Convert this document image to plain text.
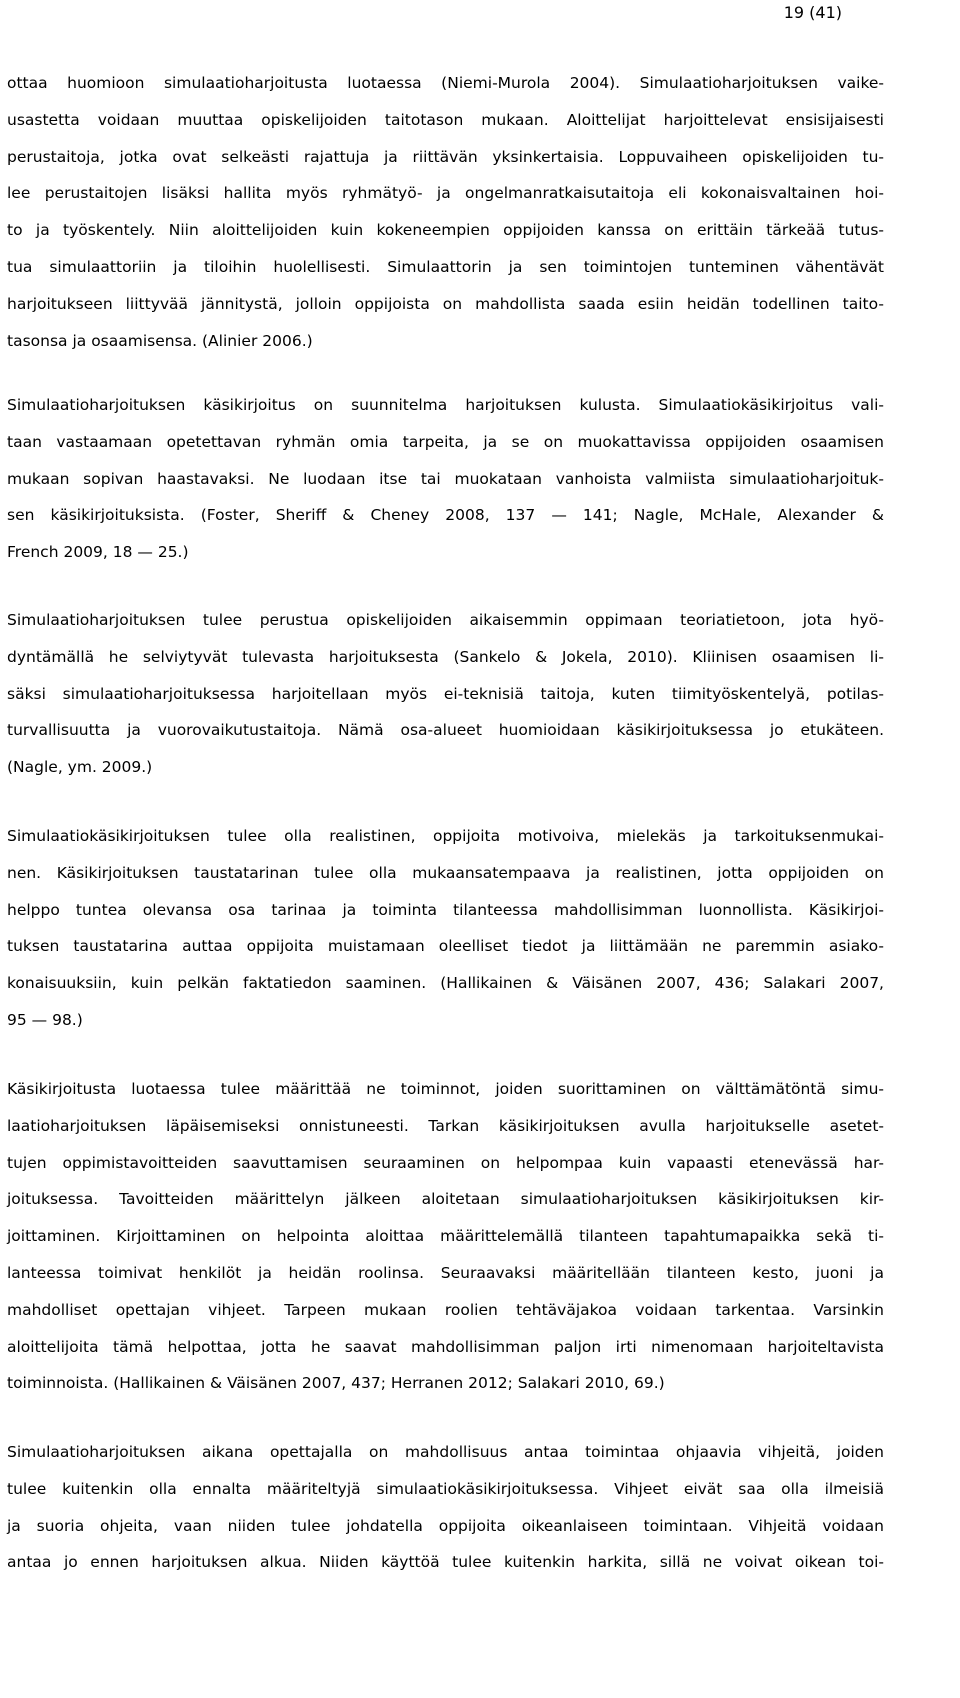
19 (41)
ottaa huomioon simulaatioharjoitusta luotaessa (Niemi-Murola 2004). Simulaatioharjoituksen vaike-
usastetta voidaan muuttaa opiskelijoiden taitotason mukaan. Aloittelijat harjoittelevat ensisijaisesti
perustaitoja, jotka ovat selkeästi rajattuja ja riittävän yksinkertaisia. Loppuvaiheen opiskelijoiden tu-
lee perustaitojen lisäksi hallita myös ryhmätyö- ja ongelmanratkaisutaitoja eli kokonaisvaltainen hoi-
to ja työskentely. Niin aloittelijoiden kuin kokeneempien oppijoiden kanssa on erittäin tärkeää tutus-
tua simulaattoriin ja tiloihin huolellisesti. Simulaattorin ja sen toimintojen tunteminen vähentävät
harjoitukseen liittyvää jännitystä, jolloin oppijoista on mahdollista saada esiin heidän todellinen taito-
tasonsa ja osaamisensa. (Alinier 2006.)
Simulaatioharjoituksen käsikirjoitus on suunnitelma harjoituksen kulusta. Simulaatiokäsikirjoitus vali-
taan vastaamaan opetettavan ryhmän omia tarpeita, ja se on muokattavissa oppijoiden osaamisen
mukaan sopivan haastavaksi. Ne luodaan itse tai muokataan vanhoista valmiista simulaatioharjoituk-
sen käsikirjoituksista. (Foster, Sheriff & Cheney 2008, 137 — 141; Nagle, McHale, Alexander &
French 2009, 18 — 25.)
Simulaatioharjoituksen tulee perustua opiskelijoiden aikaisemmin oppimaan teoriatietoon, jota hyö-
dyntämällä he selviytyvät tulevasta harjoituksesta (Sankelo & Jokela, 2010). Kliinisen osaamisen li-
säksi simulaatioharjoituksessa harjoitellaan myös ei-teknisiä taitoja, kuten tiimityöskentelyä, potilas-
turvallisuutta ja vuorovaikutustaitoja. Nämä osa-alueet huomioidaan käsikirjoituksessa jo etukäteen.
(Nagle, ym. 2009.)
Simulaatiokäsikirjoituksen tulee olla realistinen, oppijoita motivoiva, mielekäs ja tarkoituksenmukai-
nen. Käsikirjoituksen taustatarinan tulee olla mukaansatempaava ja realistinen, jotta oppijoiden on
helppo tuntea olevansa osa tarinaa ja toiminta tilanteessa mahdollisimman luonnollista. Käsikirjoi-
tuksen taustatarina auttaa oppijoita muistamaan oleelliset tiedot ja liittämään ne paremmin asiako-
konaisuuksiin, kuin pelkän faktatiedon saaminen. (Hallikainen & Väisänen 2007, 436; Salakari 2007,
95 — 98.)
Käsikirjoitusta luotaessa tulee määrittää ne toiminnot, joiden suorittaminen on välttämätöntä simu-
laatioharjoituksen läpäisemiseksi onnistuneesti. Tarkan käsikirjoituksen avulla harjoitukselle asetet-
tujen oppimistavoitteiden saavuttamisen seuraaminen on helpompaa kuin vapaasti etenevässä har-
joituksessa. Tavoitteiden määrittelyn jälkeen aloitetaan simulaatioharjoituksen käsikirjoituksen kir-
joittaminen. Kirjoittaminen on helpointa aloittaa määrittelemällä tilanteen tapahtumapaikka sekä ti-
lanteessa toimivat henkilöt ja heidän roolinsa. Seuraavaksi määritellään tilanteen kesto, juoni ja
mahdolliset opettajan vihjeet. Tarpeen mukaan roolien tehtäväjakoa voidaan tarkentaa. Varsinkin
aloittelijoita tämä helpottaa, jotta he saavat mahdollisimman paljon irti nimenomaan harjoiteltavista
toiminnoista. (Hallikainen & Väisänen 2007, 437; Herranen 2012; Salakari 2010, 69.)
Simulaatioharjoituksen aikana opettajalla on mahdollisuus antaa toimintaa ohjaavia vihjeitä, joiden
tulee kuitenkin olla ennalta määriteltyjä simulaatiokäsikirjoituksessa. Vihjeet eivät saa olla ilmeisiä
ja suoria ohjeita, vaan niiden tulee johdatella oppijoita oikeanlaiseen toimintaan. Vihjeitä voidaan
antaa jo ennen harjoituksen alkua. Niiden käyttöä tulee kuitenkin harkita, sillä ne voivat oikean toi-
